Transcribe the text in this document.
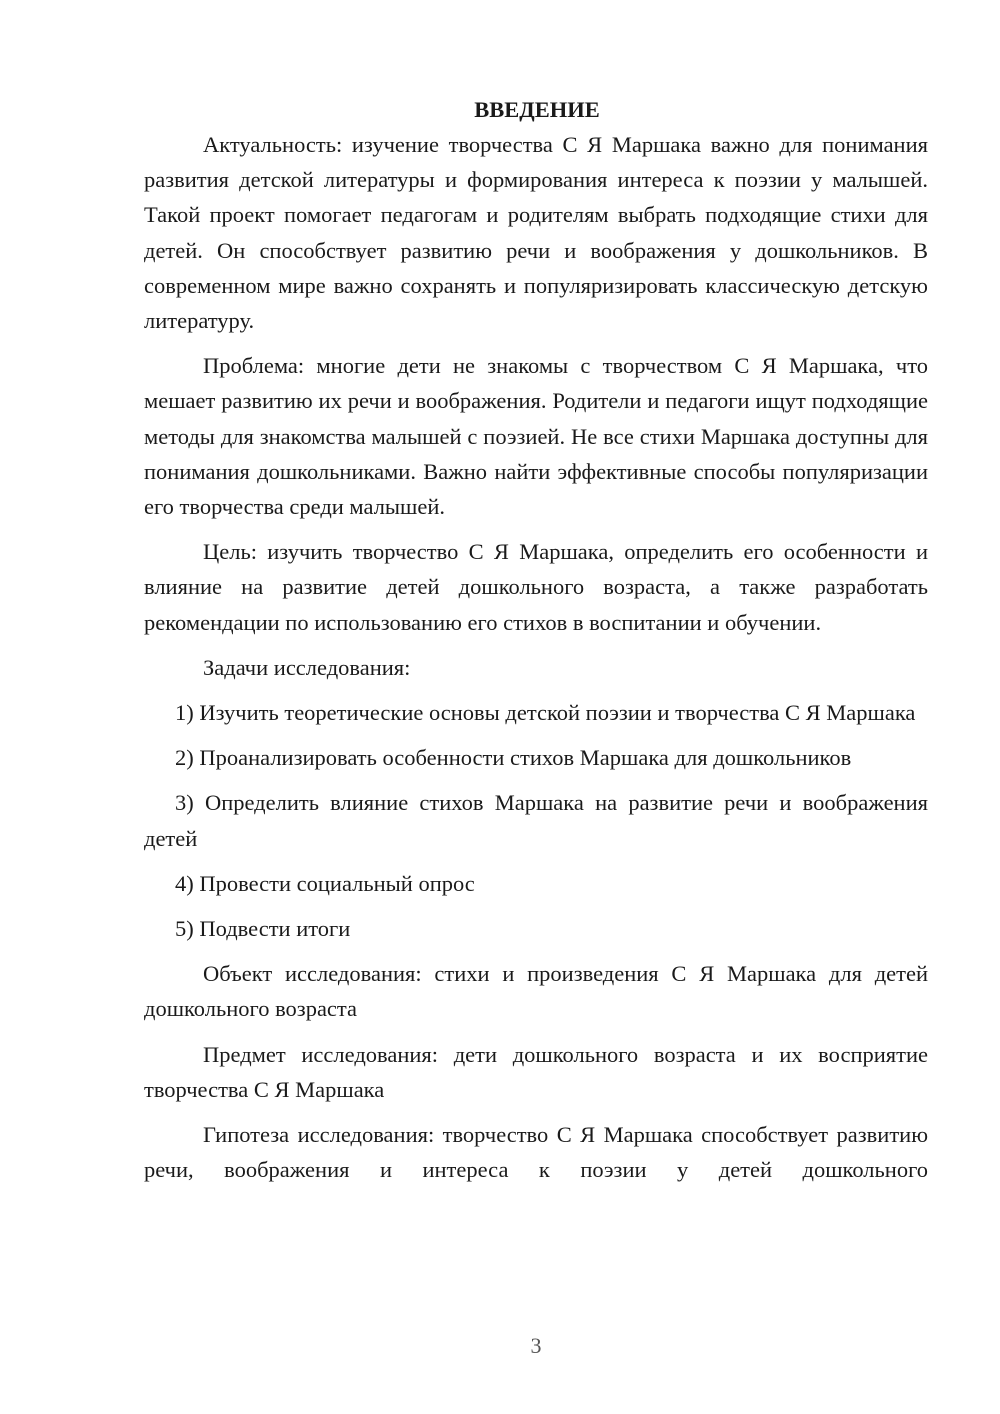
ВВЕДЕНИЕ

Актуальность: изучение творчества С Я Маршака важно для понимания развития детской литературы и формирования интереса к поэзии у малышей. Такой проект помогает педагогам и родителям выбрать подходящие стихи для детей. Он способствует развитию речи и воображения у дошкольников. В современном мире важно сохранять и популяризировать классическую детскую литературу.

Проблема: многие дети не знакомы с творчеством С Я Маршака, что мешает развитию их речи и воображения. Родители и педагоги ищут подходящие методы для знакомства малышей с поэзией. Не все стихи Маршака доступны для понимания дошкольниками. Важно найти эффективные способы популяризации его творчества среди малышей.

Цель: изучить творчество С Я Маршака, определить его особенности и влияние на развитие детей дошкольного возраста, а также разработать рекомендации по использованию его стихов в воспитании и обучении.

Задачи исследования:

1) Изучить теоретические основы детской поэзии и творчества С Я Маршака

2) Проанализировать особенности стихов Маршака для дошкольников

3) Определить влияние стихов Маршака на развитие речи и воображения детей

4) Провести социальный опрос

5) Подвести итоги

Объект исследования: стихи и произведения С Я Маршака для детей дошкольного возраста

Предмет исследования: дети дошкольного возраста и их восприятие творчества С Я Маршака

Гипотеза исследования: творчество С Я Маршака способствует развитию речи, воображения и интереса к поэзии у детей дошкольного

3
